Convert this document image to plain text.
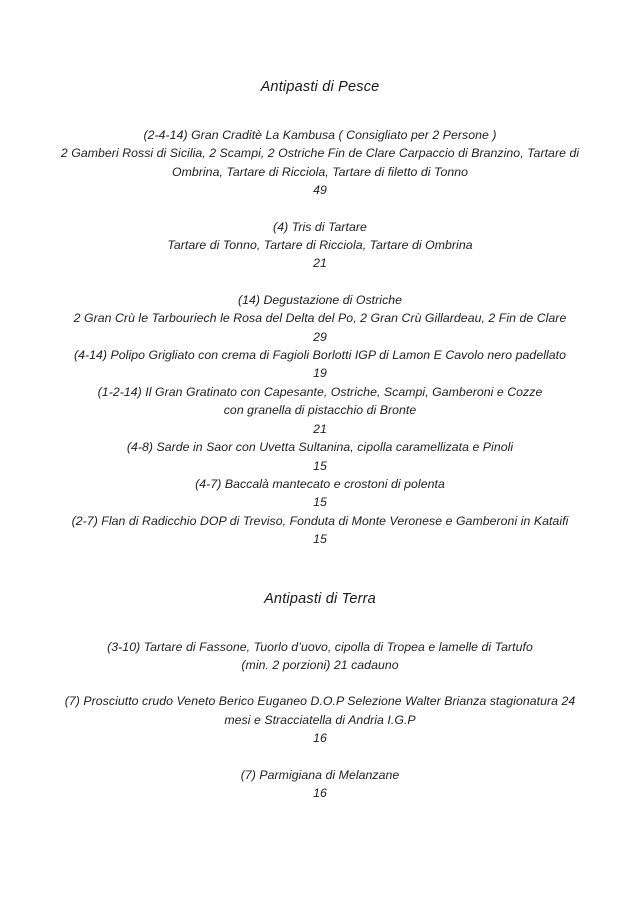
Antipasti di Pesce
(2-4-14) Gran Craditè La Kambusa ( Consigliato per 2 Persone )
2 Gamberi Rossi di Sicilia, 2 Scampi, 2 Ostriche Fin de Clare Carpaccio di Branzino, Tartare di
Ombrina, Tartare di Ricciola, Tartare di filetto di Tonno
49
(4) Tris di Tartare
Tartare di Tonno, Tartare di Ricciola, Tartare di Ombrina
21
(14) Degustazione di Ostriche
2 Gran Crù le Tarbouriech le Rosa del Delta del Po, 2 Gran Crù Gillardeau, 2 Fin de Clare
29
(4-14) Polipo Grigliato con crema di Fagioli Borlotti IGP di Lamon E Cavolo nero padellato
19
(1-2-14) Il Gran Gratinato con Capesante, Ostriche, Scampi, Gamberoni e Cozze
con granella di pistacchio di Bronte
21
(4-8) Sarde in Saor con Uvetta Sultanina, cipolla caramellizata e Pinoli
15
(4-7) Baccalà mantecato e crostoni di polenta
15
(2-7) Flan di Radicchio DOP di Treviso, Fonduta di Monte Veronese e Gamberoni in Kataifi
15
Antipasti di Terra
(3-10) Tartare di Fassone, Tuorlo d’uovo, cipolla di Tropea e lamelle di Tartufo
(min. 2 porzioni) 21 cadauno
(7) Prosciutto crudo Veneto Berico Euganeo D.O.P Selezione Walter Brianza stagionatura 24
mesi e Stracciatella di Andria I.G.P
16
(7) Parmigiana di Melanzane
16
